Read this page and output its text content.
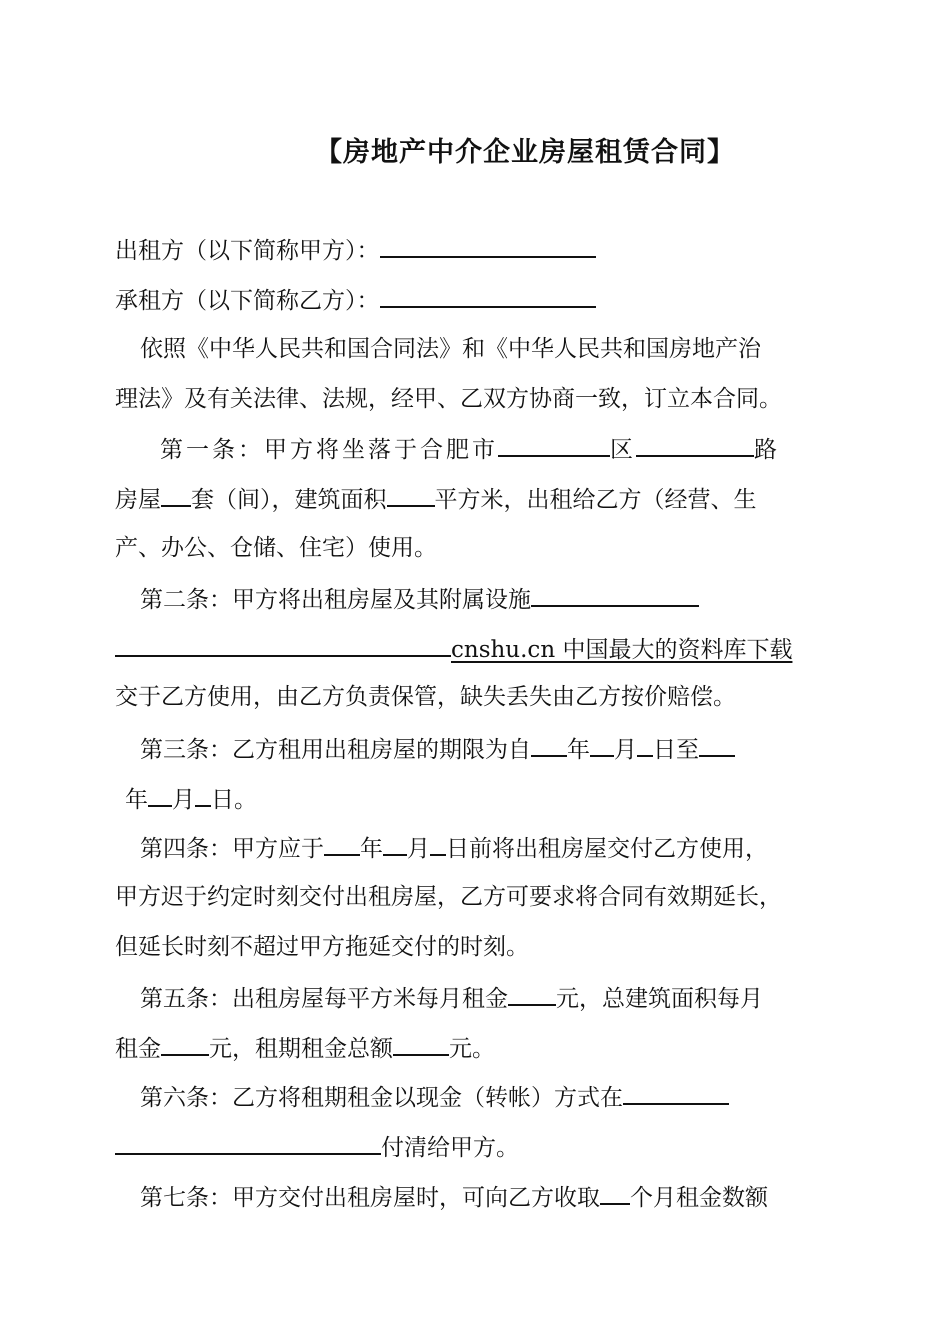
【房地产中介企业房屋租赁合同】
出租方（以下简称甲方）：
承租方（以下简称乙方）：
依照《中华人民共和国合同法》和《中华人民共和国房地产治
理法》及有关法律、法规，经甲、乙双方协商一致，订立本合同。
第一条：甲方将坐落于合肥市	区	路
房屋 套（间），建筑面积 平方米，出租给乙方（经营、生
产、办公、仓储、住宅）使用。
第二条：甲方将出租房屋及其附属设施
cnshu.cn 中国最大的资料库下载
交于乙方使用，由乙方负责保管，缺失丢失由乙方按价赔偿。
第三条：乙方租用出租房屋的期限为自 年 月 日至
年 月 日。
第四条：甲方应于 年 月 日前将出租房屋交付乙方使用，
甲方迟于约定时刻交付出租房屋，乙方可要求将合同有效期延长，
但延长时刻不超过甲方拖延交付的时刻。
第五条：出租房屋每平方米每月租金 元，总建筑面积每月
租金 元，租期租金总额 元。
第六条：乙方将租期租金以现金（转帐）方式在
付清给甲方。
第七条：甲方交付出租房屋时，可向乙方收取 个月租金数额
